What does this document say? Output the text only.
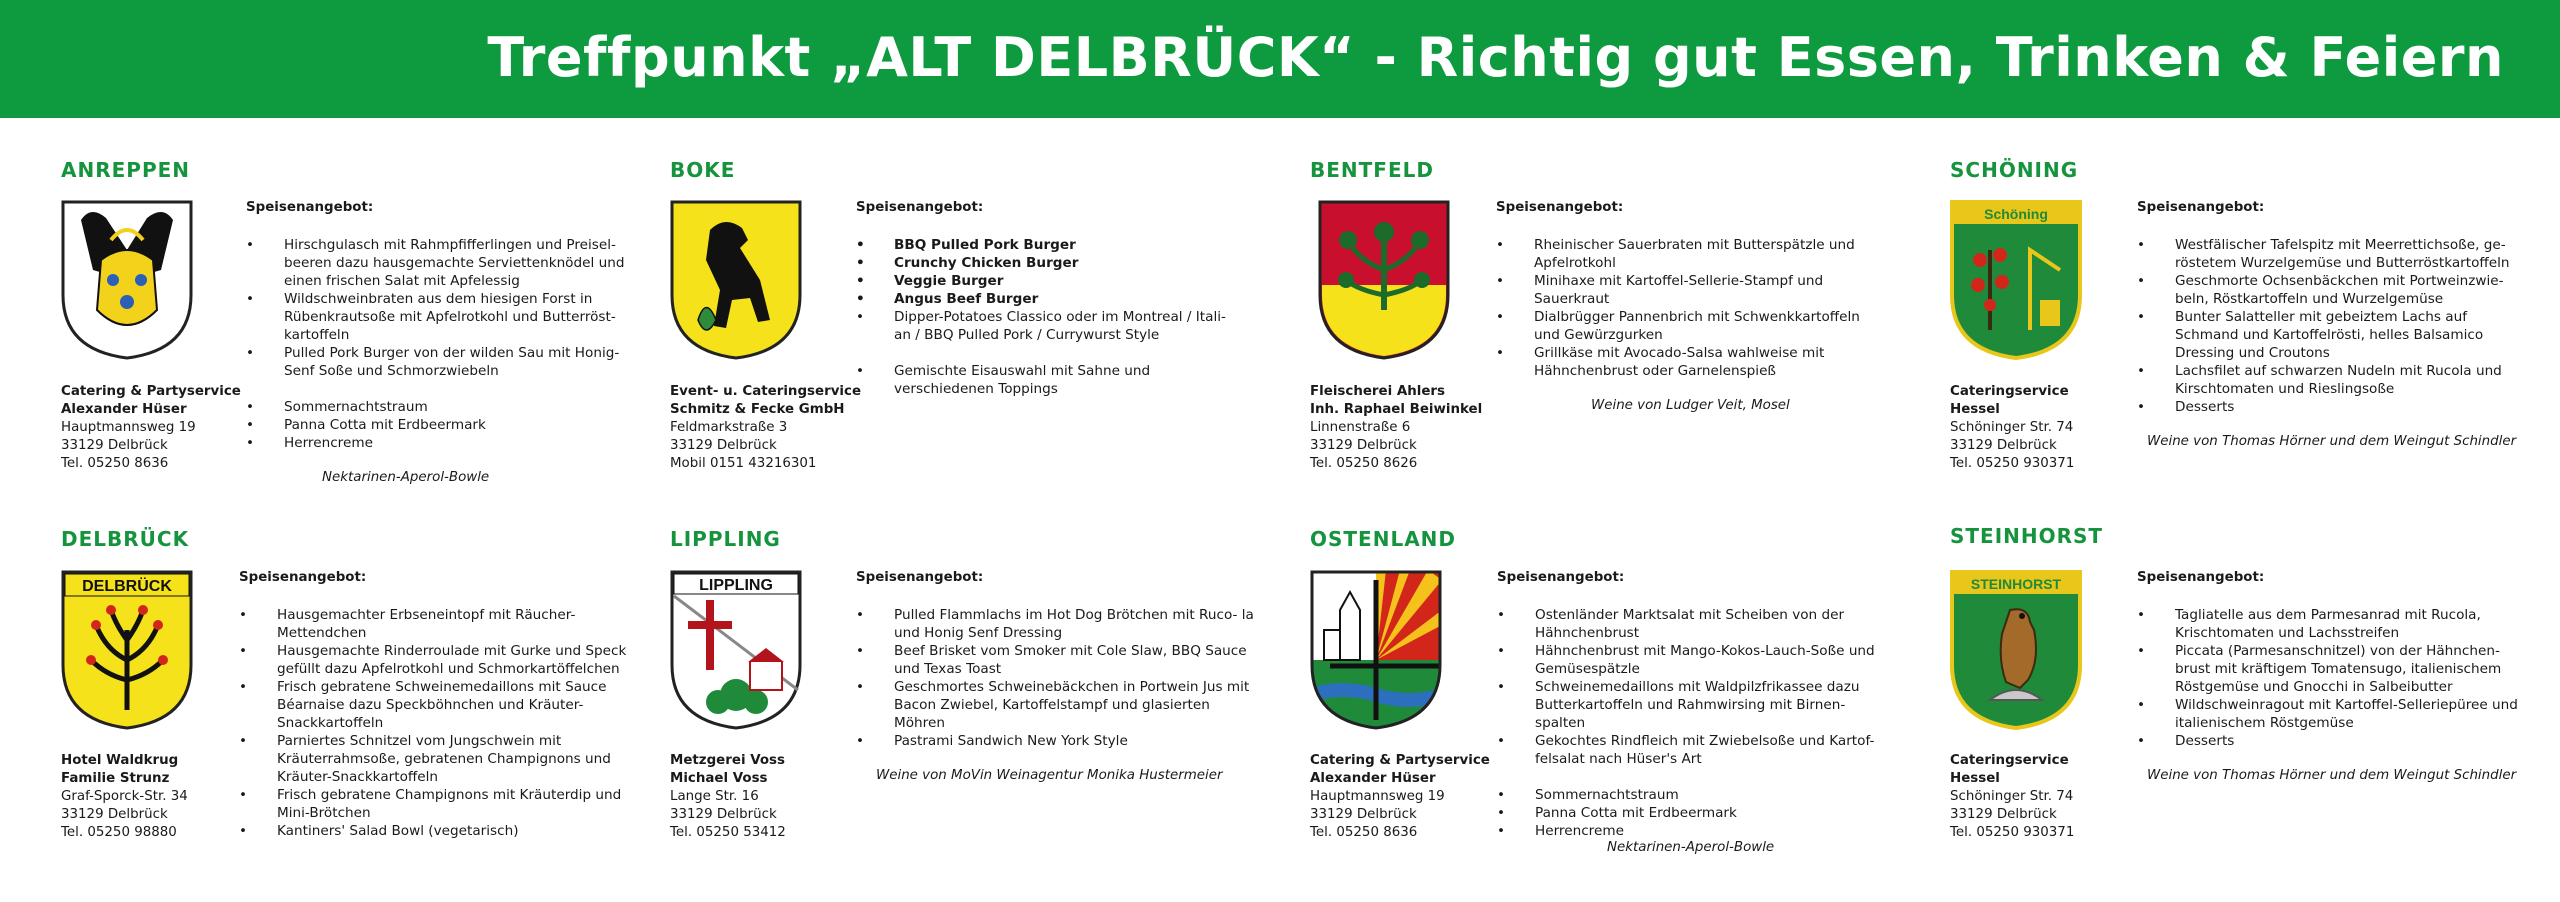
Treffpunkt „ALT DELBRÜCK“ - Richtig gut Essen, Trinken & Feiern
ANREPPEN
Catering & Partyservice
Alexander Hüser
Hauptmannsweg 19
33129 Delbrück
Tel. 05250 8636
Speisenangebot:
• Hirschgulasch mit Rahmpfifferlingen und Preisel- beeren dazu hausgemachte Serviettenknödel und einen frischen Salat mit Apfelessig
• Wildschweinbraten aus dem hiesigen Forst in Rübenkrautsoße mit Apfelrotkohl und Butterröst- kartoffeln
• Pulled Pork Burger von der wilden Sau mit Honig- Senf Soße und Schmorzwiebeln
• Sommernachtstraum
• Panna Cotta mit Erdbeermark
• Herrencreme
Nektarinen-Aperol-Bowle
BOKE
Event- u. Cateringservice
Schmitz & Fecke GmbH
Feldmarkstraße 3
33129 Delbrück
Mobil 0151 43216301
Speisenangebot:
• BBQ Pulled Pork Burger
• Crunchy Chicken Burger
• Veggie Burger
• Angus Beef Burger
• Dipper-Potatoes Classico oder im Montreal / Itali- an / BBQ Pulled Pork / Currywurst Style
• Gemischte Eisauswahl mit Sahne und verschiedenen Toppings
BENTFELD
Fleischerei Ahlers
Inh. Raphael Beiwinkel
Linnenstraße 6
33129 Delbrück
Tel. 05250 8626
Speisenangebot:
• Rheinischer Sauerbraten mit Butterspätzle und Apfelrotkohl
• Minihaxe mit Kartoffel-Sellerie-Stampf und Sauerkraut
• Dialbrügger Pannenbrich mit Schwenkkartoffeln und Gewürzgurken
• Grillkäse mit Avocado-Salsa wahlweise mit Hähnchenbrust oder Garnelenspieß
Weine von Ludger Veit, Mosel
SCHÖNING
Schöning
Cateringservice
Hessel
Schöninger Str. 74
33129 Delbrück
Tel. 05250 930371
Speisenangebot:
• Westfälischer Tafelspitz mit Meerrettichsoße, ge- röstetem Wurzelgemüse und Butterröstkartoffeln
• Geschmorte Ochsenbäckchen mit Portweinzwie- beln, Röstkartoffeln und Wurzelgemüse
• Bunter Salatteller mit gebeiztem Lachs auf Schmand und Kartoffelrösti, helles Balsamico Dressing und Croutons
• Lachsfilet auf schwarzen Nudeln mit Rucola und Kirschtomaten und Rieslingsoße
• Desserts
Weine von Thomas Hörner und dem Weingut Schindler
DELBRÜCK
DELBRÜCK
Hotel Waldkrug
Familie Strunz
Graf-Sporck-Str. 34
33129 Delbrück
Tel. 05250 98880
Speisenangebot:
• Hausgemachter Erbseneintopf mit Räucher-Mettendchen
• Hausgemachte Rinderroulade mit Gurke und Speck gefüllt dazu Apfelrotkohl und Schmorkartöffelchen
• Frisch gebratene Schweinemedaillons mit Sauce Béarnaise dazu Speckböhnchen und Kräuter- Snackkartoffeln
• Parniertes Schnitzel vom Jungschwein mit Kräuterrahmsoße, gebratenen Champignons und Kräuter-Snackkartoffeln
• Frisch gebratene Champignons mit Kräuterdip und Mini-Brötchen
• Kantiners' Salad Bowl (vegetarisch)
LIPPLING
LIPPLING
Metzgerei Voss
Michael Voss
Lange Str. 16
33129 Delbrück
Tel. 05250 53412
Speisenangebot:
• Pulled Flammlachs im Hot Dog Brötchen mit Ruco- la und Honig Senf Dressing
• Beef Brisket vom Smoker mit Cole Slaw, BBQ Sauce und Texas Toast
• Geschmortes Schweinebäckchen in Portwein Jus mit Bacon Zwiebel, Kartoffelstampf und glasierten Möhren
• Pastrami Sandwich New York Style
Weine von MoVin Weinagentur Monika Hustermeier
OSTENLAND
Catering & Partyservice
Alexander Hüser
Hauptmannsweg 19
33129 Delbrück
Tel. 05250 8636
Speisenangebot:
• Ostenländer Marktsalat mit Scheiben von der Hähnchenbrust
• Hähnchenbrust mit Mango-Kokos-Lauch-Soße und Gemüsespätzle
• Schweinemedaillons mit Waldpilzfrikassee dazu Butterkartoffeln und Rahmwirsing mit Birnen- spalten
• Gekochtes Rindfleich mit Zwiebelsoße und Kartof- felsalat nach Hüser's Art
• Sommernachtstraum
• Panna Cotta mit Erdbeermark
• Herrencreme
Nektarinen-Aperol-Bowle
STEINHORST
STEINHORST
Cateringservice
Hessel
Schöninger Str. 74
33129 Delbrück
Tel. 05250 930371
Speisenangebot:
• Tagliatelle aus dem Parmesanrad mit Rucola, Krischtomaten und Lachsstreifen
• Piccata (Parmesanschnitzel) von der Hähnchen- brust mit kräftigem Tomatensugo, italienischem Röstgemüse und Gnocchi in Salbeibutter
• Wildschweinragout mit Kartoffel-Selleriepüree und italienischem Röstgemüse
• Desserts
Weine von Thomas Hörner und dem Weingut Schindler
